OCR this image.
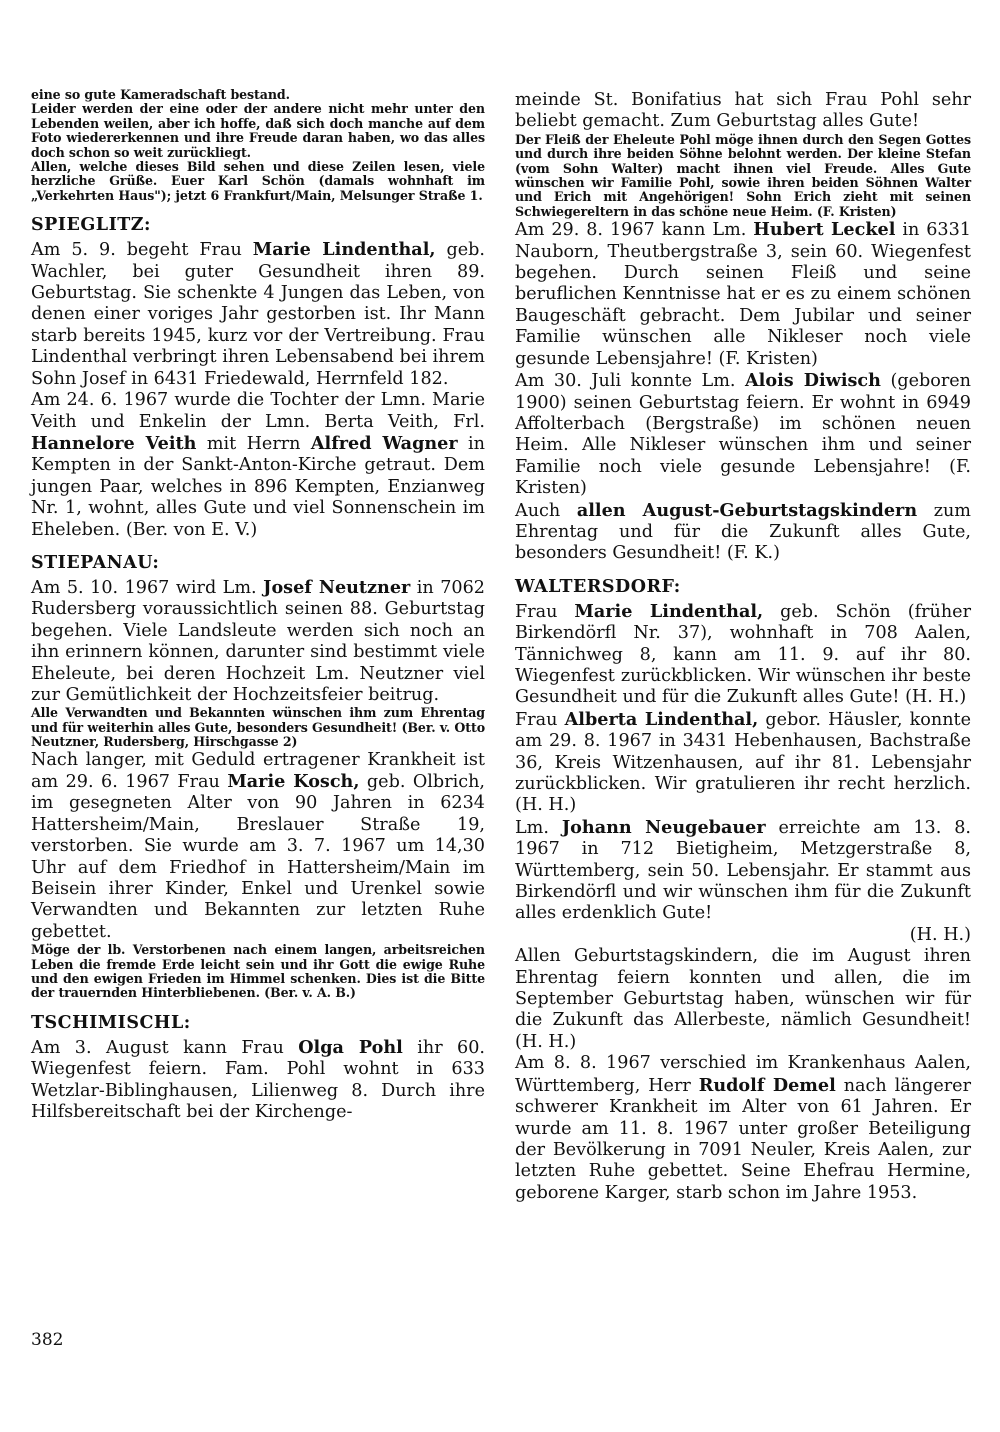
eine so gute Kameradschaft bestand.

Leider werden der eine oder der andere nicht mehr unter den Lebenden weilen, aber ich hoffe, daß sich doch manche auf dem Foto wiedererkennen und ihre Freude daran haben, wo das alles doch schon so weit zurückliegt.

Allen, welche dieses Bild sehen und diese Zeilen lesen, viele herzliche Grüße. Euer Karl Schön (damals wohnhaft im „Verkehrten Haus"); jetzt 6 Frankfurt/Main, Melsunger Straße 1.

SPIEGLITZ:

Am 5. 9. begeht Frau Marie Lindenthal, geb. Wachler, bei guter Gesundheit ihren 89. Geburtstag. Sie schenkte 4 Jungen das Leben, von denen einer voriges Jahr gestorben ist. Ihr Mann starb bereits 1945, kurz vor der Vertreibung. Frau Lindenthal verbringt ihren Lebensabend bei ihrem Sohn Josef in 6431 Friedewald, Herrnfeld 182.

Am 24. 6. 1967 wurde die Tochter der Lmn. Marie Veith und Enkelin der Lmn. Berta Veith, Frl. Hannelore Veith mit Herrn Alfred Wagner in Kempten in der Sankt-Anton-Kirche getraut. Dem jungen Paar, welches in 896 Kempten, Enzianweg Nr. 1, wohnt, alles Gute und viel Sonnenschein im Eheleben. (Ber. von E. V.)

STIEPANAU:

Am 5. 10. 1967 wird Lm. Josef Neutzner in 7062 Rudersberg voraussichtlich seinen 88. Geburtstag begehen. Viele Landsleute werden sich noch an ihn erinnern können, darunter sind bestimmt viele Eheleute, bei deren Hochzeit Lm. Neutzner viel zur Gemütlichkeit der Hochzeitsfeier beitrug.

Alle Verwandten und Bekannten wünschen ihm zum Ehrentag und für weiterhin alles Gute, besonders Gesundheit! (Ber. v. Otto Neutzner, Rudersberg, Hirschgasse 2)

Nach langer, mit Geduld ertragener Krankheit ist am 29. 6. 1967 Frau Marie Kosch, geb. Olbrich, im gesegneten Alter von 90 Jahren in 6234 Hattersheim/Main, Breslauer Straße 19, verstorben. Sie wurde am 3. 7. 1967 um 14,30 Uhr auf dem Friedhof in Hattersheim/Main im Beisein ihrer Kinder, Enkel und Urenkel sowie Verwandten und Bekannten zur letzten Ruhe gebettet.

Möge der lb. Verstorbenen nach einem langen, arbeitsreichen Leben die fremde Erde leicht sein und ihr Gott die ewige Ruhe und den ewigen Frieden im Himmel schenken. Dies ist die Bitte der trauernden Hinterbliebenen. (Ber. v. A. B.)

TSCHIMISCHL:

Am 3. August kann Frau Olga Pohl ihr 60. Wiegenfest feiern. Fam. Pohl wohnt in 633 Wetzlar-Biblinghausen, Lilienweg 8. Durch ihre Hilfsbereitschaft bei der Kirchenge-

meinde St. Bonifatius hat sich Frau Pohl sehr beliebt gemacht. Zum Geburtstag alles Gute!

Der Fleiß der Eheleute Pohl möge ihnen durch den Segen Gottes und durch ihre beiden Söhne belohnt werden. Der kleine Stefan (vom Sohn Walter) macht ihnen viel Freude. Alles Gute wünschen wir Familie Pohl, sowie ihren beiden Söhnen Walter und Erich mit Angehörigen! Sohn Erich zieht mit seinen Schwiegereltern in das schöne neue Heim. (F. Kristen)

Am 29. 8. 1967 kann Lm. Hubert Leckel in 6331 Nauborn, Theutbergstraße 3, sein 60. Wiegenfest begehen. Durch seinen Fleiß und seine beruflichen Kenntnisse hat er es zu einem schönen Baugeschäft gebracht. Dem Jubilar und seiner Familie wünschen alle Nikleser noch viele gesunde Lebensjahre! (F. Kristen)

Am 30. Juli konnte Lm. Alois Diwisch (geboren 1900) seinen Geburtstag feiern. Er wohnt in 6949 Affolterbach (Bergstraße) im schönen neuen Heim. Alle Nikleser wünschen ihm und seiner Familie noch viele gesunde Lebensjahre! (F. Kristen)

Auch allen August-Geburtstagskindern zum Ehrentag und für die Zukunft alles Gute, besonders Gesundheit! (F. K.)

WALTERSDORF:

Frau Marie Lindenthal, geb. Schön (früher Birkendörfl Nr. 37), wohnhaft in 708 Aalen, Tännichweg 8, kann am 11. 9. auf ihr 80. Wiegenfest zurückblicken. Wir wünschen ihr beste Gesundheit und für die Zukunft alles Gute! (H. H.)

Frau Alberta Lindenthal, gebor. Häusler, konnte am 29. 8. 1967 in 3431 Hebenhausen, Bachstraße 36, Kreis Witzenhausen, auf ihr 81. Lebensjahr zurückblicken. Wir gratulieren ihr recht herzlich. (H. H.)

Lm. Johann Neugebauer erreichte am 13. 8. 1967 in 712 Bietigheim, Metzgerstraße 8, Württemberg, sein 50. Lebensjahr. Er stammt aus Birkendörfl und wir wünschen ihm für die Zukunft alles erdenklich Gute!

(H. H.)

Allen Geburtstagskindern, die im August ihren Ehrentag feiern konnten und allen, die im September Geburtstag haben, wünschen wir für die Zukunft das Allerbeste, nämlich Gesundheit! (H. H.)

Am 8. 8. 1967 verschied im Krankenhaus Aalen, Württemberg, Herr Rudolf Demel nach längerer schwerer Krankheit im Alter von 61 Jahren. Er wurde am 11. 8. 1967 unter großer Beteiligung der Bevölkerung in 7091 Neuler, Kreis Aalen, zur letzten Ruhe gebettet. Seine Ehefrau Hermine, geborene Karger, starb schon im Jahre 1953.

382
